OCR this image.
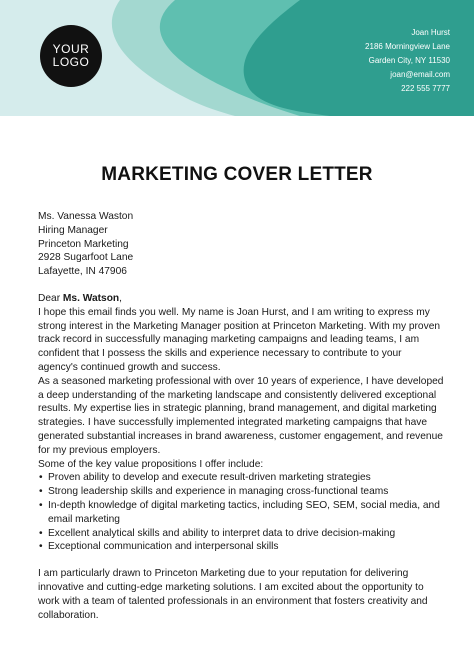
YOUR
LOGO
Joan Hurst
2186 Morningview Lane
Garden City, NY 11530
joan@email.com
222 555 7777
MARKETING COVER LETTER
Ms. Vanessa Waston
Hiring Manager
Princeton Marketing
2928 Sugarfoot Lane
Lafayette, IN 47906

Dear Ms. Watson,

I hope this email finds you well. My name is Joan Hurst, and I am writing to express my strong interest in the Marketing Manager position at Princeton Marketing. With my proven track record in successfully managing marketing campaigns and leading teams, I am confident that I possess the skills and experience necessary to contribute to your agency's continued growth and success.

As a seasoned marketing professional with over 10 years of experience, I have developed a deep understanding of the marketing landscape and consistently delivered exceptional results. My expertise lies in strategic planning, brand management, and digital marketing strategies. I have successfully implemented integrated marketing campaigns that have generated substantial increases in brand awareness, customer engagement, and revenue for my previous employers.

Some of the key value propositions I offer include:

• Proven ability to develop and execute result-driven marketing strategies
• Strong leadership skills and experience in managing cross-functional teams
• In-depth knowledge of digital marketing tactics, including SEO, SEM, social media, and email marketing
• Excellent analytical skills and ability to interpret data to drive decision-making
• Exceptional communication and interpersonal skills

I am particularly drawn to Princeton Marketing due to your reputation for delivering innovative and cutting-edge marketing solutions. I am excited about the opportunity to work with a team of talented professionals in an environment that fosters creativity and collaboration.
